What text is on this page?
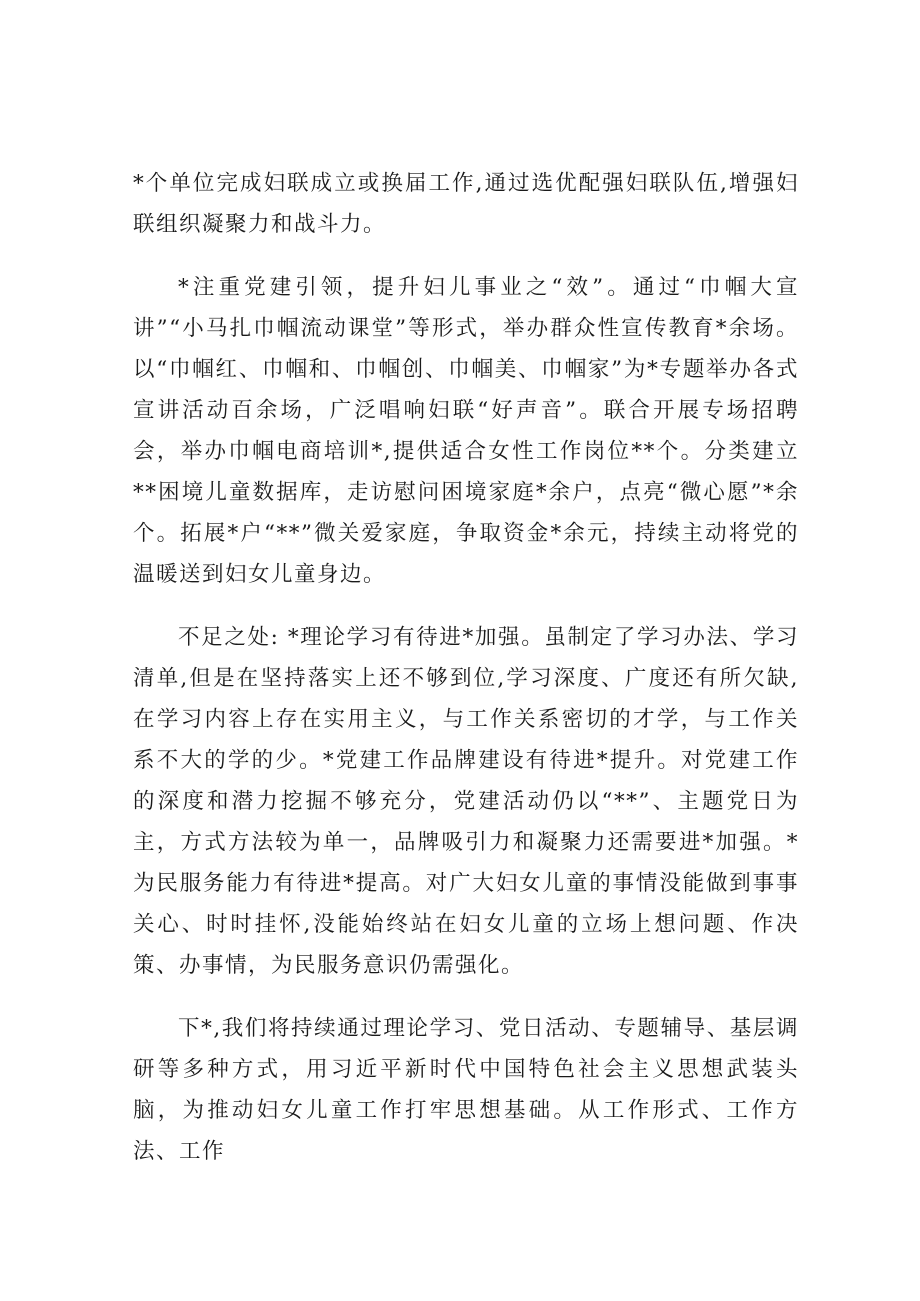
*个单位完成妇联成立或换届工作,通过选优配强妇联队伍,增强妇联组织凝聚力和战斗力。

*注重党建引领，提升妇儿事业之“效”。通过“巾帼大宣讲”“小马扎巾帼流动课堂”等形式，举办群众性宣传教育*余场。以“巾帼红、巾帼和、巾帼创、巾帼美、巾帼家”为*专题举办各式宣讲活动百余场，广泛唱响妇联“好声音”。联合开展专场招聘会，举办巾帼电商培训*,提供适合女性工作岗位**个。分类建立**困境儿童数据库，走访慰问困境家庭*余户，点亮“微心愿”*余个。拓展*户“**”微关爱家庭，争取资金*余元，持续主动将党的温暖送到妇女儿童身边。

不足之处: *理论学习有待进*加强。虽制定了学习办法、学习清单,但是在坚持落实上还不够到位,学习深度、广度还有所欠缺,在学习内容上存在实用主义，与工作关系密切的才学，与工作关系不大的学的少。*党建工作品牌建设有待进*提升。对党建工作的深度和潜力挖掘不够充分，党建活动仍以“**”、主题党日为主，方式方法较为单一，品牌吸引力和凝聚力还需要进*加强。*为民服务能力有待进*提高。对广大妇女儿童的事情没能做到事事关心、时时挂怀,没能始终站在妇女儿童的立场上想问题、作决策、办事情，为民服务意识仍需强化。

下*,我们将持续通过理论学习、党日活动、专题辅导、基层调研等多种方式，用习近平新时代中国特色社会主义思想武装头脑，为推动妇女儿童工作打牢思想基础。从工作形式、工作方法、工作
